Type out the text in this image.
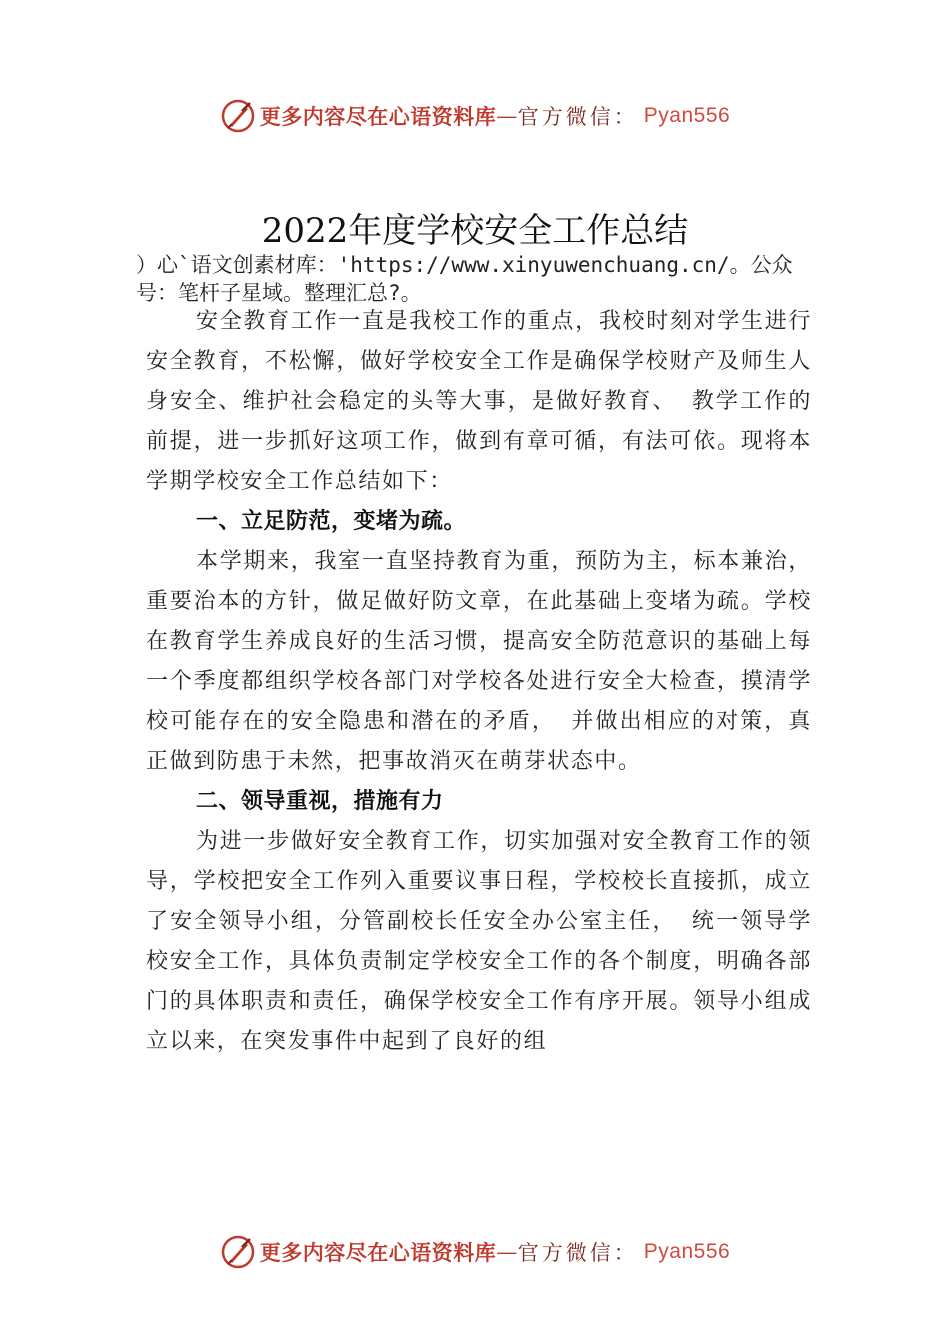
更多内容尽在心语资料库 — 官方微信： Pyan556
2022年度学校安全工作总结
）心`语文创素材库：'https://www.xinyuwenchuang.cn/。公众号：笔杆子星域。整理汇总?。

安全教育工作一直是我校工作的重点，我校时刻对学生进行安全教育，不松懈，做好学校安全工作是确保学校财产及师生人身安全、维护社会稳定的头等大事，是做好教育、 教学工作的前提，进一步抓好这项工作，做到有章可循，有法可依。现将本学期学校安全工作总结如下：

一、立足防范，变堵为疏。

本学期来，我室一直坚持教育为重，预防为主，标本兼治，重要治本的方针，做足做好防文章，在此基础上变堵为疏。学校在教育学生养成良好的生活习惯，提高安全防范意识的基础上每一个季度都组织学校各部门对学校各处进行安全大检查，摸清学校可能存在的安全隐患和潜在的矛盾， 并做出相应的对策，真正做到防患于未然，把事故消灭在萌芽状态中。

二、领导重视，措施有力

为进一步做好安全教育工作，切实加强对安全教育工作的领导，学校把安全工作列入重要议事日程，学校校长直接抓，成立了安全领导小组，分管副校长任安全办公室主任， 统一领导学校安全工作，具体负责制定学校安全工作的各个制度，明确各部门的具体职责和责任，确保学校安全工作有序开展。领导小组成立以来，在突发事件中起到了良好的组

更多内容尽在心语资料库 — 官方微信： Pyan556
